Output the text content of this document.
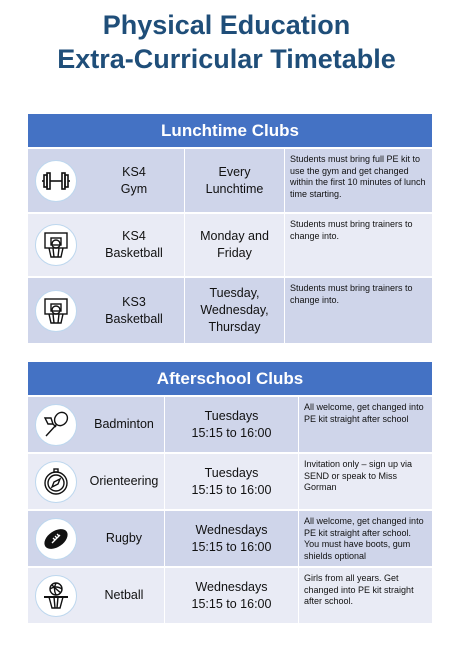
Physical Education
Extra-Curricular Timetable
Lunchtime Clubs
KS4
Gym
Every
Lunchtime
Students must bring full PE kit to use the gym and get changed within the first 10 minutes of lunch time starting.
KS4
Basketball
Monday and
Friday
Students must bring trainers to change into.
KS3
Basketball
Tuesday,
Wednesday,
Thursday
Students must bring trainers to change into.
Afterschool Clubs
Badminton
Tuesdays
15:15 to 16:00
All welcome, get changed into PE kit straight after school
Orienteering
Tuesdays
15:15 to 16:00
Invitation only – sign up via SEND or speak to Miss Gorman
Rugby
Wednesdays
15:15 to 16:00
All welcome, get changed into PE kit straight after school. You must have boots, gum shields optional
Netball
Wednesdays
15:15 to 16:00
Girls from all years. Get changed into PE kit straight after school.
